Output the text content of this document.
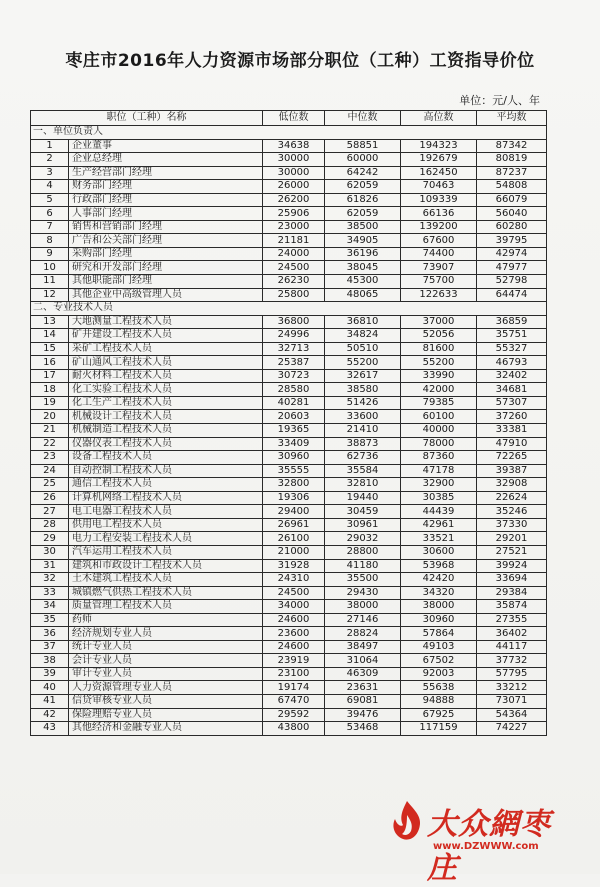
枣庄市2016年人力资源市场部分职位（工种）工资指导价位
单位：元/人、年
职位（工种）名称		低位数	中位数	高位数	平均数
一、单位负责人					
1	企业董事	34638	58851	194323	87342
2	企业总经理	30000	60000	192679	80819
3	生产经营部门经理	30000	64242	162450	87237
4	财务部门经理	26000	62059	70463	54808
5	行政部门经理	26200	61826	109339	66079
6	人事部门经理	25906	62059	66136	56040
7	销售和营销部门经理	23000	38500	139200	60280
8	广告和公关部门经理	21181	34905	67600	39795
9	采购部门经理	24000	36196	74400	42974
10	研究和开发部门经理	24500	38045	73907	47977
11	其他职能部门经理	26230	45300	75700	52798
12	其他企业中高级管理人员	25800	48065	122633	64474
二、专业技术人员					
13	大地测量工程技术人员	36800	36810	37000	36859
14	矿井建设工程技术人员	24996	34824	52056	35751
15	采矿工程技术人员	32713	50510	81600	55327
16	矿山通风工程技术人员	25387	55200	55200	46793
17	耐火材料工程技术人员	30723	32617	33990	32402
18	化工实验工程技术人员	28580	38580	42000	34681
19	化工生产工程技术人员	40281	51426	79385	57307
20	机械设计工程技术人员	20603	33600	60100	37260
21	机械制造工程技术人员	19365	21410	40000	33381
22	仪器仪表工程技术人员	33409	38873	78000	47910
23	设备工程技术人员	30960	62736	87360	72265
24	自动控制工程技术人员	35555	35584	47178	39387
25	通信工程技术人员	32800	32810	32900	32908
26	计算机网络工程技术人员	19306	19440	30385	22624
27	电工电器工程技术人员	29400	30459	44439	35246
28	供用电工程技术人员	26961	30961	42961	37330
29	电力工程安装工程技术人员	26100	29032	33521	29201
30	汽车运用工程技术人员	21000	28800	30600	27521
31	建筑和市政设计工程技术人员	31928	41180	53968	39924
32	土木建筑工程技术人员	24310	35500	42420	33694
33	城镇燃气供热工程技术人员	24500	29430	34320	29384
34	质量管理工程技术人员	34000	38000	38000	35874
35	药师	24600	27146	30960	27355
36	经济规划专业人员	23600	28824	57864	36402
37	统计专业人员	24600	38497	49103	44117
38	会计专业人员	23919	31064	67502	37732
39	审计专业人员	23100	46309	92003	57795
40	人力资源管理专业人员	19174	23631	55638	33212
41	信贷审核专业人员	67470	69081	94888	73071
42	保险理赔专业人员	29592	39476	67925	54364
43	其他经济和金融专业人员	43800	53468	117159	74227
大众網枣庄
www.DZWWW.com
